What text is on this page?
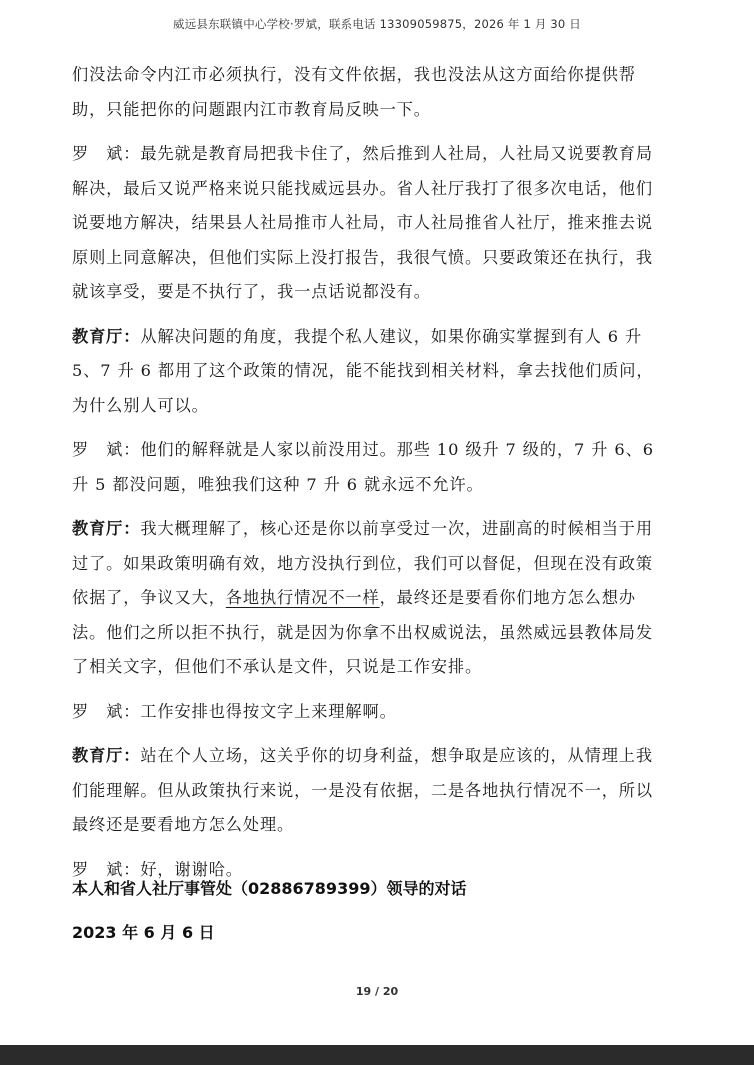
威远县东联镇中心学校·罗斌，联系电话 13309059875，2026 年 1 月 30 日

们没法命令内江市必须执行，没有文件依据，我也没法从这方面给你提供帮
助，只能把你的问题跟内江市教育局反映一下。

罗　斌：最先就是教育局把我卡住了，然后推到人社局，人社局又说要教育局
解决，最后又说严格来说只能找威远县办。省人社厅我打了很多次电话，他们
说要地方解决，结果县人社局推市人社局，市人社局推省人社厅，推来推去说
原则上同意解决，但他们实际上没打报告，我很气愤。只要政策还在执行，我
就该享受，要是不执行了，我一点话说都没有。

教育厅：从解决问题的角度，我提个私人建议，如果你确实掌握到有人 6 升
5、7 升 6 都用了这个政策的情况，能不能找到相关材料，拿去找他们质问，
为什么别人可以。

罗　斌：他们的解释就是人家以前没用过。那些 10 级升 7 级的，7 升 6、6
升 5 都没问题，唯独我们这种 7 升 6 就永远不允许。

教育厅：我大概理解了，核心还是你以前享受过一次，进副高的时候相当于用
过了。如果政策明确有效，地方没执行到位，我们可以督促，但现在没有政策
依据了，争议又大，各地执行情况不一样，最终还是要看你们地方怎么想办
法。他们之所以拒不执行，就是因为你拿不出权威说法，虽然威远县教体局发
了相关文字，但他们不承认是文件，只说是工作安排。

罗　斌：工作安排也得按文字上来理解啊。

教育厅：站在个人立场，这关乎你的切身利益，想争取是应该的，从情理上我
们能理解。但从政策执行来说，一是没有依据，二是各地执行情况不一，所以
最终还是要看地方怎么处理。

罗　斌：好，谢谢哈。

本人和省人社厅事管处（02886789399）领导的对话
2023 年 6 月 6 日
19 / 20
